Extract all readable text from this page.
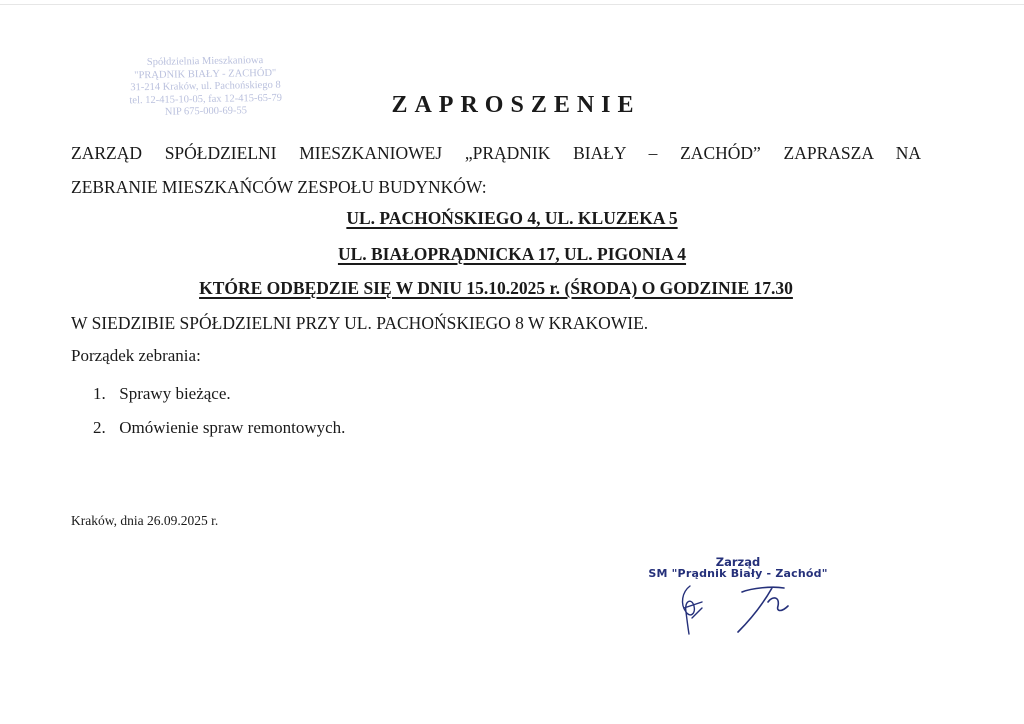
Spółdzielnia Mieszkaniowa
"PRĄDNIK BIAŁY - ZACHÓD"
31-214 Kraków, ul. Pachońskiego 8
tel. 12-415-10-05, fax 12-415-65-79
NIP 675-000-69-55	ZAPROSZENIE
ZARZĄD SPÓŁDZIELNI MIESZKANIOWEJ „PRĄDNIK BIAŁY – ZACHÓD” ZAPRASZA NA
ZEBRANIE MIESZKAŃCÓW ZESPOŁU BUDYNKÓW:
UL. PACHOŃSKIEGO 4, UL. KLUZEKA 5
UL. BIAŁOPRĄDNICKA 17, UL. PIGONIA 4
KTÓRE ODBĘDZIE SIĘ W DNIU 15.10.2025 r. (ŚRODA) O GODZINIE 17.30
W SIEDZIBIE SPÓŁDZIELNI PRZY UL. PACHOŃSKIEGO 8 W KRAKOWIE.
Porządek zebrania:
1. Sprawy bieżące.
2. Omówienie spraw remontowych.
Kraków, dnia 26.09.2025 r.
Zarząd
SM "Prądnik Biały - Zachód"
